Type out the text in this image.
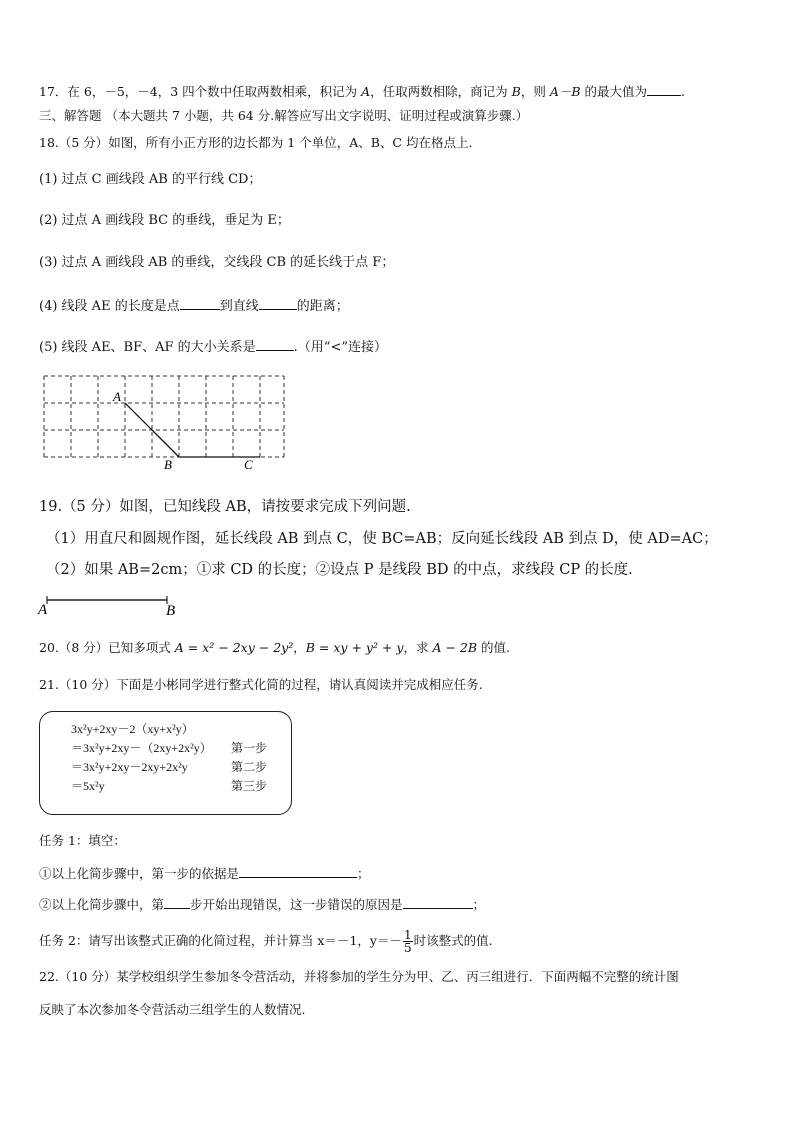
17．在 6，－5，－4，3 四个数中任取两数相乘，积记为 A，任取两数相除，商记为 B，则 A－B 的最大值为	.
三、解答题 （本大题共 7 小题，共 64 分.解答应写出文字说明、证明过程或演算步骤.）
18.（5 分）如图，所有小正方形的边长都为 1 个单位，A、B、C 均在格点上.
(1) 过点 C 画线段 AB 的平行线 CD；
(2) 过点 A 画线段 BC 的垂线，垂足为 E；
(3) 过点 A 画线段 AB 的垂线，交线段 CB 的延长线于点 F；
(4) 线段 AE 的长度是点	到直线	的距离；
(5) 线段 AE、BF、AF 的大小关系是	.（用“<”连接）
A
B	C
19.（5 分）如图，已知线段 AB，请按要求完成下列问题.
（1）用直尺和圆规作图，延长线段 AB 到点 C，使 BC=AB；反向延长线段 AB 到点 D，使 AD=AC；
（2）如果 AB=2cm；①求 CD 的长度；②设点 P 是线段 BD 的中点，求线段 CP 的长度.
A	B
20.（8 分）已知多项式 A = x² − 2xy − 2y²，B = xy + y² + y，求 A − 2B 的值.
21.（10 分）下面是小彬同学进行整式化简的过程，请认真阅读并完成相应任务.
3x²y+2xy－2（xy+x²y）
＝3x²y+2xy－（2xy+2x²y） 第一步
＝3x²y+2xy－2xy+2x²y	第二步
＝5x²y	第三步
任务 1：填空：
①以上化简步骤中，第一步的依据是	；
②以上化简步骤中，第 步开始出现错误，这一步错误的原因是	；
任务 2：请写出该整式正确的化简过程，并计算当 x＝－1，$y=- \frac{1}{5}$ 时该整式的值.
22.（10 分）某学校组织学生参加冬令营活动，并将参加的学生分为甲、乙、丙三组进行．下面两幅不完整的统计图
反映了本次参加冬令营活动三组学生的人数情况.
